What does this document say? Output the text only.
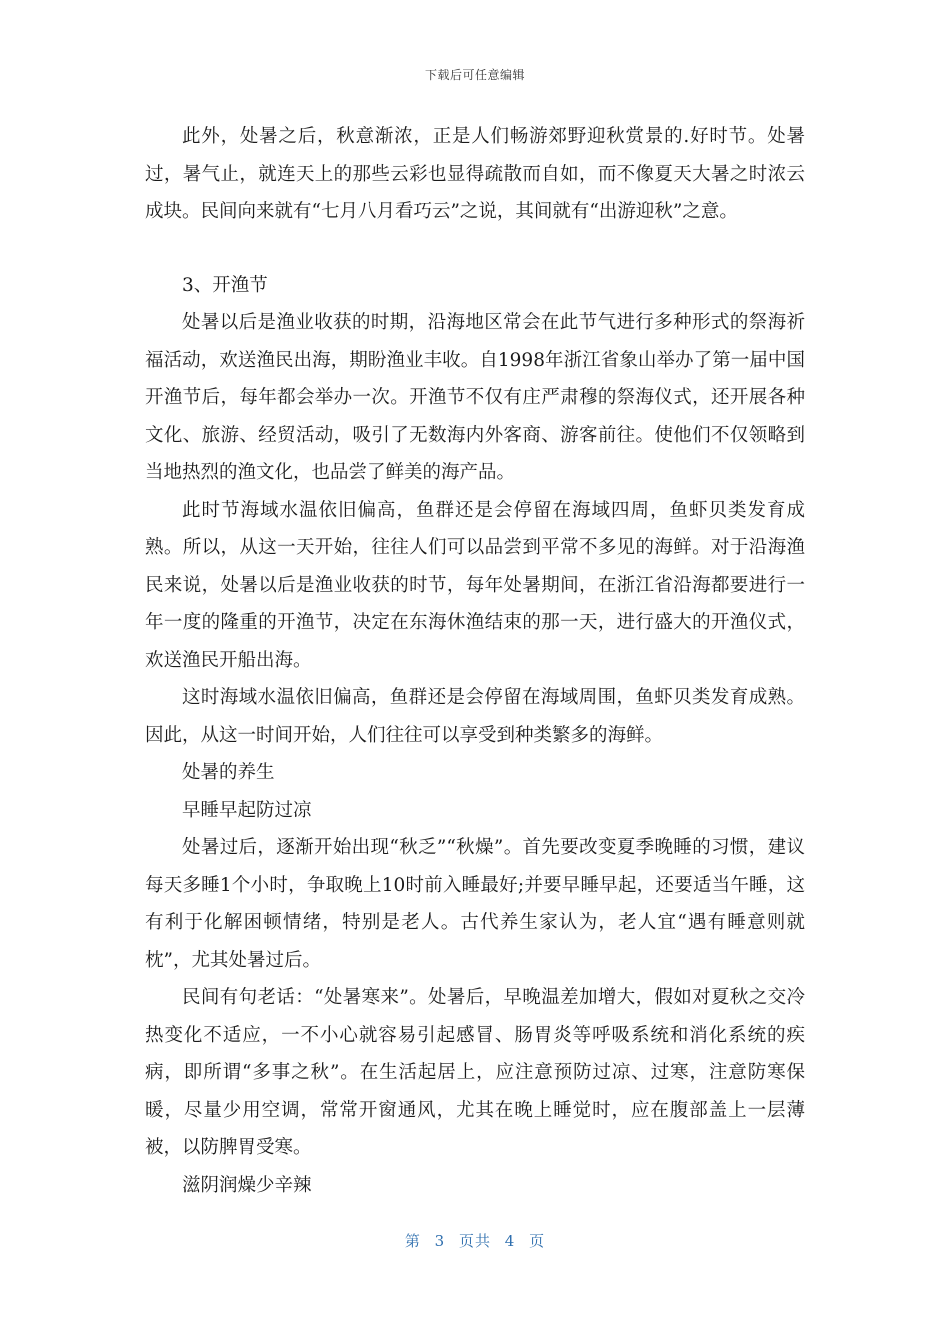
下载后可任意编辑

此外，处暑之后，秋意渐浓，正是人们畅游郊野迎秋赏景的.好时节。处暑过，暑气止，就连天上的那些云彩也显得疏散而自如，而不像夏天大暑之时浓云成块。民间向来就有“七月八月看巧云”之说，其间就有“出游迎秋”之意。

3、开渔节

处暑以后是渔业收获的时期，沿海地区常会在此节气进行多种形式的祭海祈福活动，欢送渔民出海，期盼渔业丰收。自1998年浙江省象山举办了第一届中国开渔节后，每年都会举办一次。开渔节不仅有庄严肃穆的祭海仪式，还开展各种文化、旅游、经贸活动，吸引了无数海内外客商、游客前往。使他们不仅领略到当地热烈的渔文化，也品尝了鲜美的海产品。

此时节海域水温依旧偏高，鱼群还是会停留在海域四周，鱼虾贝类发育成熟。所以，从这一天开始，往往人们可以品尝到平常不多见的海鲜。对于沿海渔民来说，处暑以后是渔业收获的时节，每年处暑期间，在浙江省沿海都要进行一年一度的隆重的开渔节，决定在东海休渔结束的那一天，进行盛大的开渔仪式，欢送渔民开船出海。

这时海域水温依旧偏高，鱼群还是会停留在海域周围，鱼虾贝类发育成熟。因此，从这一时间开始，人们往往可以享受到种类繁多的海鲜。

处暑的养生

早睡早起防过凉

处暑过后，逐渐开始出现“秋乏”“秋燥”。首先要改变夏季晚睡的习惯，建议每天多睡1个小时，争取晚上10时前入睡最好;并要早睡早起，还要适当午睡，这有利于化解困顿情绪，特别是老人。古代养生家认为，老人宜“遇有睡意则就枕”，尤其处暑过后。

民间有句老话：“处暑寒来”。处暑后，早晚温差加增大，假如对夏秋之交冷热变化不适应，一不小心就容易引起感冒、肠胃炎等呼吸系统和消化系统的疾病，即所谓“多事之秋”。在生活起居上，应注意预防过凉、过寒，注意防寒保暖，尽量少用空调，常常开窗通风，尤其在晚上睡觉时，应在腹部盖上一层薄被，以防脾胃受寒。

滋阴润燥少辛辣

第 3 页共 4 页
